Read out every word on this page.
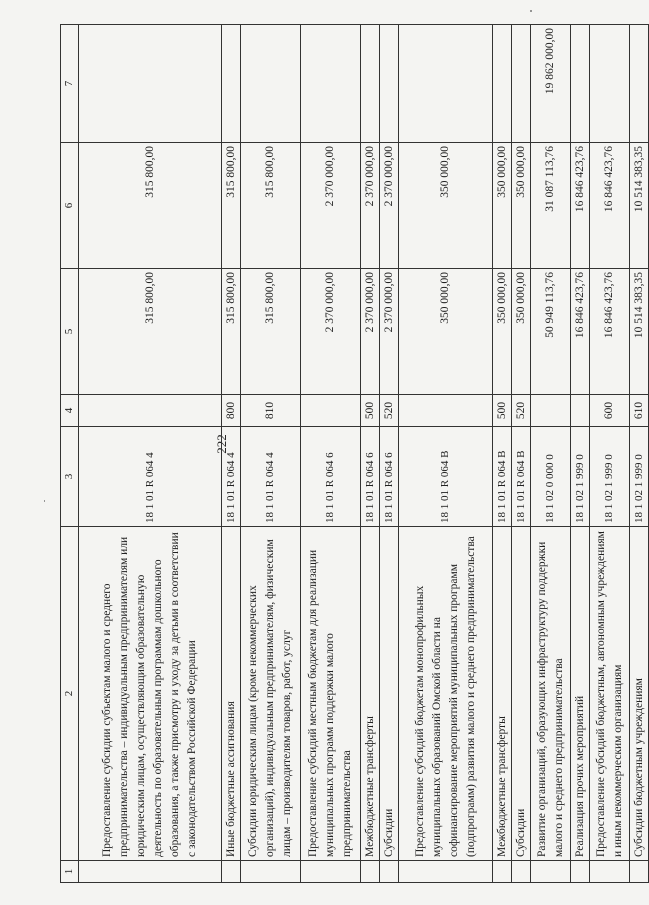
222
1	2	3	4	5	6	7
	Предоставление субсидии субъектам малого и среднего предпринимательства – индивидуальным предпринимателям или юридическим лицам, осуществляющим образовательную деятельность по образовательным программам дошкольного образования, а также присмотру и уходу за детьми в соответствии с законодательством Российской Федерации	18 1 01 R 064 4		315 800,00	315 800,00	
	Иные бюджетные ассигнования	18 1 01 R 064 4	800	315 800,00	315 800,00	
	Субсидии юридическим лицам (кроме некоммерческих организаций), индивидуальным предпринимателям, физическим лицам – производителям товаров, работ, услуг	18 1 01 R 064 4	810	315 800,00	315 800,00	
	Предоставление субсидий местным бюджетам для реализации муниципальных программ поддержки малого предпринимательства	18 1 01 R 064 6		2 370 000,00	2 370 000,00	
	Межбюджетные трансферты	18 1 01 R 064 6	500	2 370 000,00	2 370 000,00	
	Субсидии	18 1 01 R 064 6	520	2 370 000,00	2 370 000,00	
	Предоставление субсидий бюджетам монопрофильных муниципальных образований Омской области на софинансирование мероприятий муниципальных программ (подпрограмм) развития малого и среднего предпринимательства	18 1 01 R 064 В		350 000,00	350 000,00	
	Межбюджетные трансферты	18 1 01 R 064 В	500	350 000,00	350 000,00	
	Субсидии	18 1 01 R 064 В	520	350 000,00	350 000,00	
	Развитие организаций, образующих инфраструктуру поддержки малого и среднего предпринимательства	18 1 02 0 000 0		50 949 113,76	31 087 113,76	19 862 000,00
	Реализация прочих мероприятий	18 1 02 1 999 0		16 846 423,76	16 846 423,76	
	Предоставление субсидий бюджетным, автономным учреждениям и иным некоммерческим организациям	18 1 02 1 999 0	600	16 846 423,76	16 846 423,76	
	Субсидии бюджетным учреждениям	18 1 02 1 999 0	610	10 514 383,35	10 514 383,35	
